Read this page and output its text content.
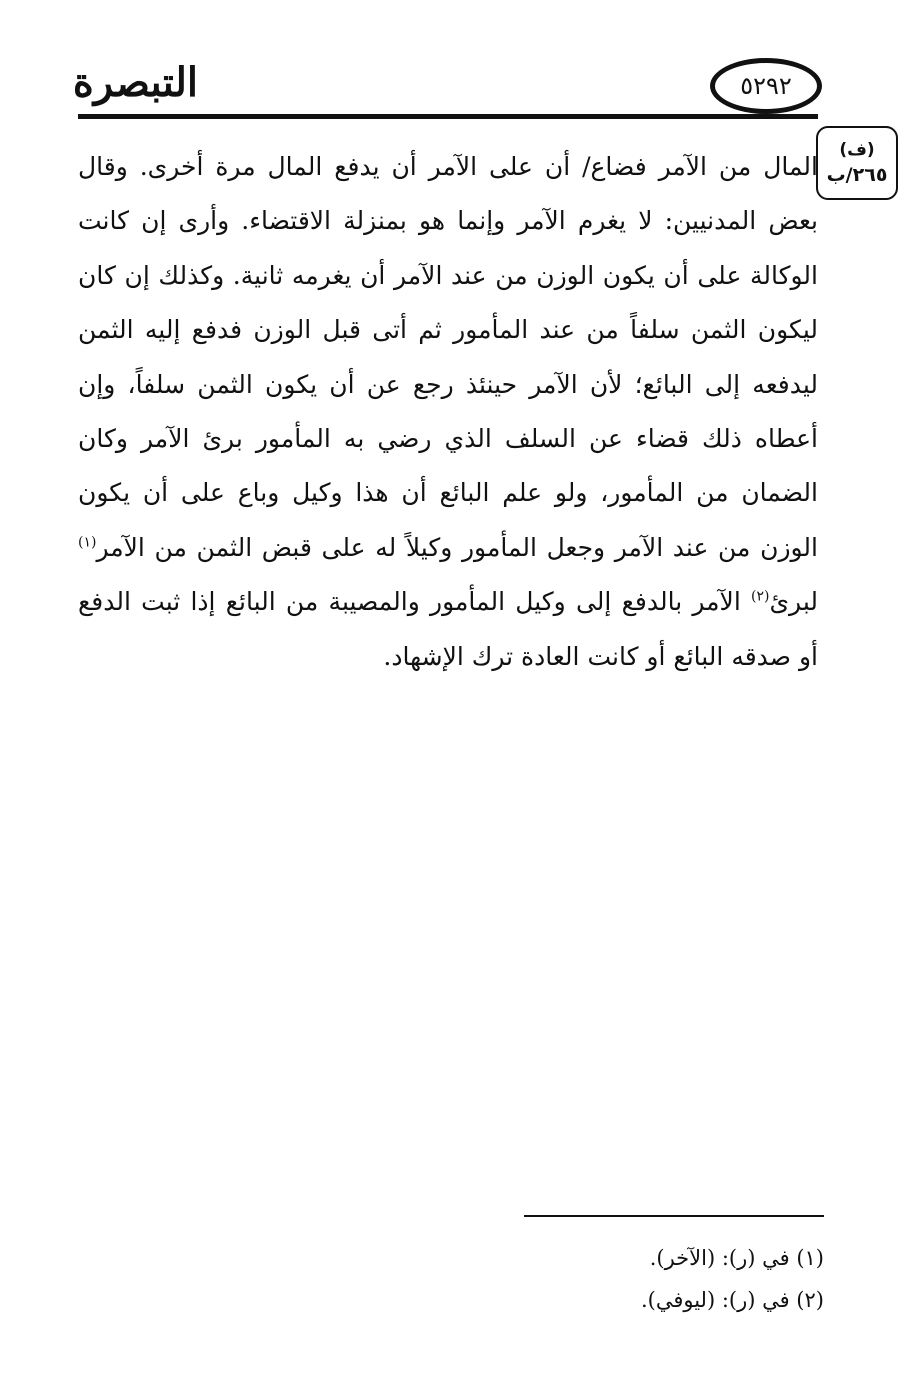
التبصرة	٥٢٩٢
(ف)
٢٦٥/ب

المال من الآمر فضاع/ أن على الآمر أن يدفع المال مرة أخرى. وقال بعض المدنيين: لا يغرم الآمر وإنما هو بمنزلة الاقتضاء. وأرى إن كانت الوكالة على أن يكون الوزن من عند الآمر أن يغرمه ثانية. وكذلك إن كان ليكون الثمن سلفاً من عند المأمور ثم أتى قبل الوزن فدفع إليه الثمن ليدفعه إلى البائع؛ لأن الآمر حينئذ رجع عن أن يكون الثمن سلفاً، وإن أعطاه ذلك قضاء عن السلف الذي رضي به المأمور برئ الآمر وكان الضمان من المأمور، ولو علم البائع أن هذا وكيل وباع على أن يكون الوزن من عند الآمر وجعل المأمور وكيلاً له على قبض الثمن من الآمر$^{(١)}$ لبرئ$^{(٢)}$ الآمر بالدفع إلى وكيل المأمور والمصيبة من البائع إذا ثبت الدفع أو صدقه البائع أو كانت العادة ترك الإشهاد.

(١) في (ر): (الآخر).
(٢) في (ر): (ليوفي).
